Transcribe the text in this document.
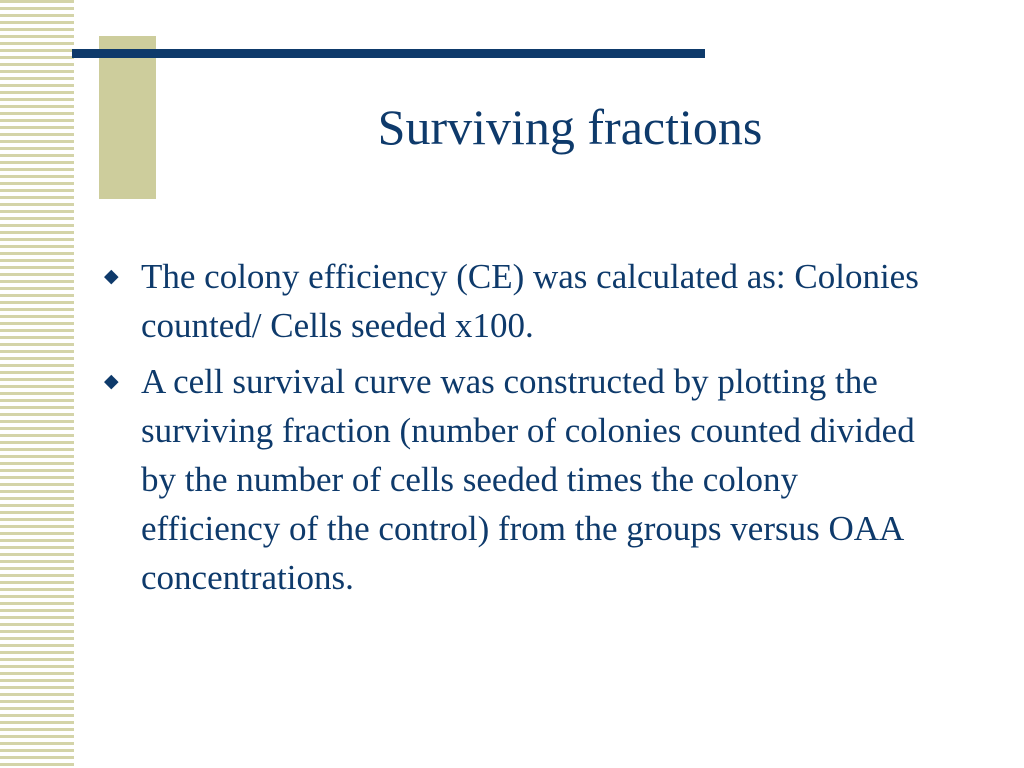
Surviving fractions
◆ The colony efficiency (CE) was calculated as: Colonies counted/ Cells seeded x100.
◆ A cell survival curve was constructed by plotting the surviving fraction (number of colonies counted divided by the number of cells seeded times the colony efficiency of the control) from the groups versus OAA concentrations.
